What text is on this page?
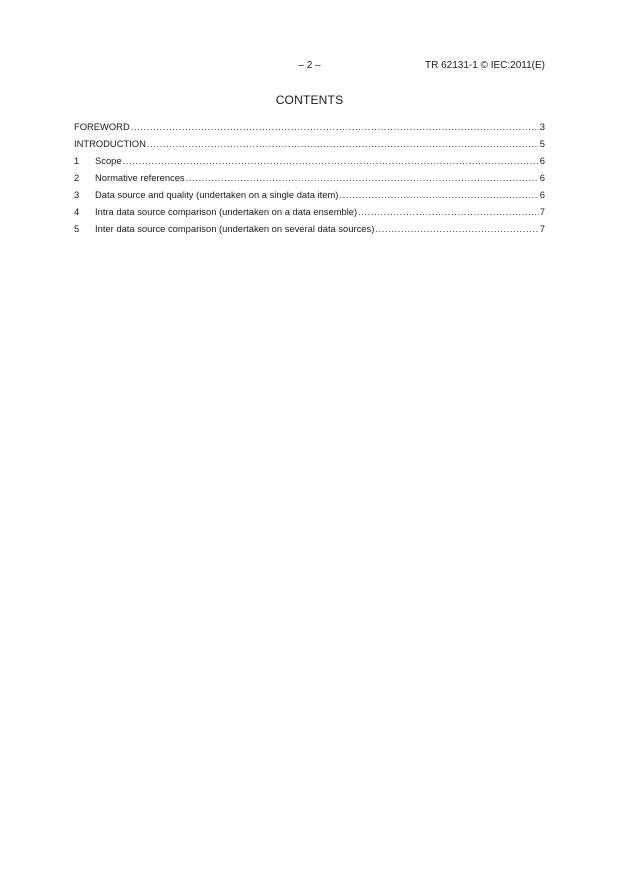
– 2 –	TR 62131-1 © IEC:2011(E)
CONTENTS
FOREWORD .....	3
INTRODUCTION .....	5
1	Scope .....	6
2	Normative references .....	6
3	Data source and quality (undertaken on a single data item) .....	6
4	Intra data source comparison (undertaken on a data ensemble) .....	7
5	Inter data source comparison (undertaken on several data sources) .....	7
